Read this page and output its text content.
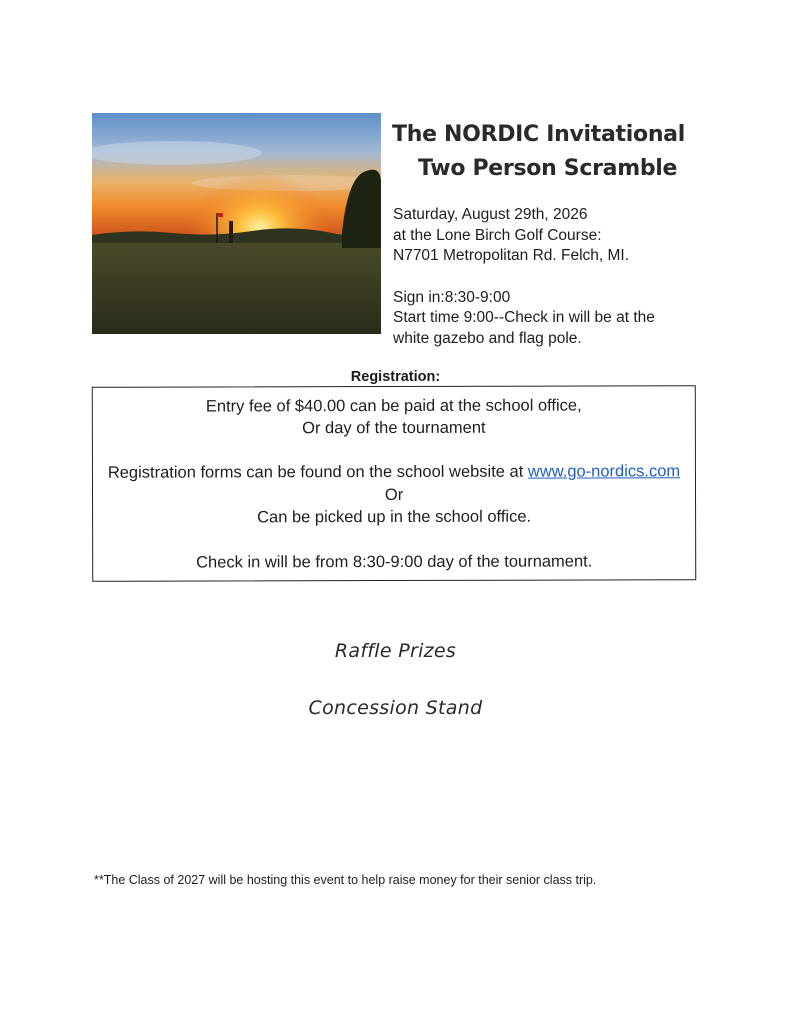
The NORDIC Invitational
Two Person Scramble

Saturday, August 29th, 2026

at the Lone Birch Golf Course:

N7701 Metropolitan Rd. Felch, MI.

Sign in:8:30-9:00

Start time 9:00--Check in will be at the

white gazebo and flag pole.

Registration:
Entry fee of $40.00 can be paid at the school office,
Or day of the tournament
Registration forms can be found on the school website at www.go-nordics.com
Or
Can be picked up in the school office.
Check in will be from 8:30-9:00 day of the tournament.
Raffle Prizes
Concession Stand
**The Class of 2027 will be hosting this event to help raise money for their senior class trip.
